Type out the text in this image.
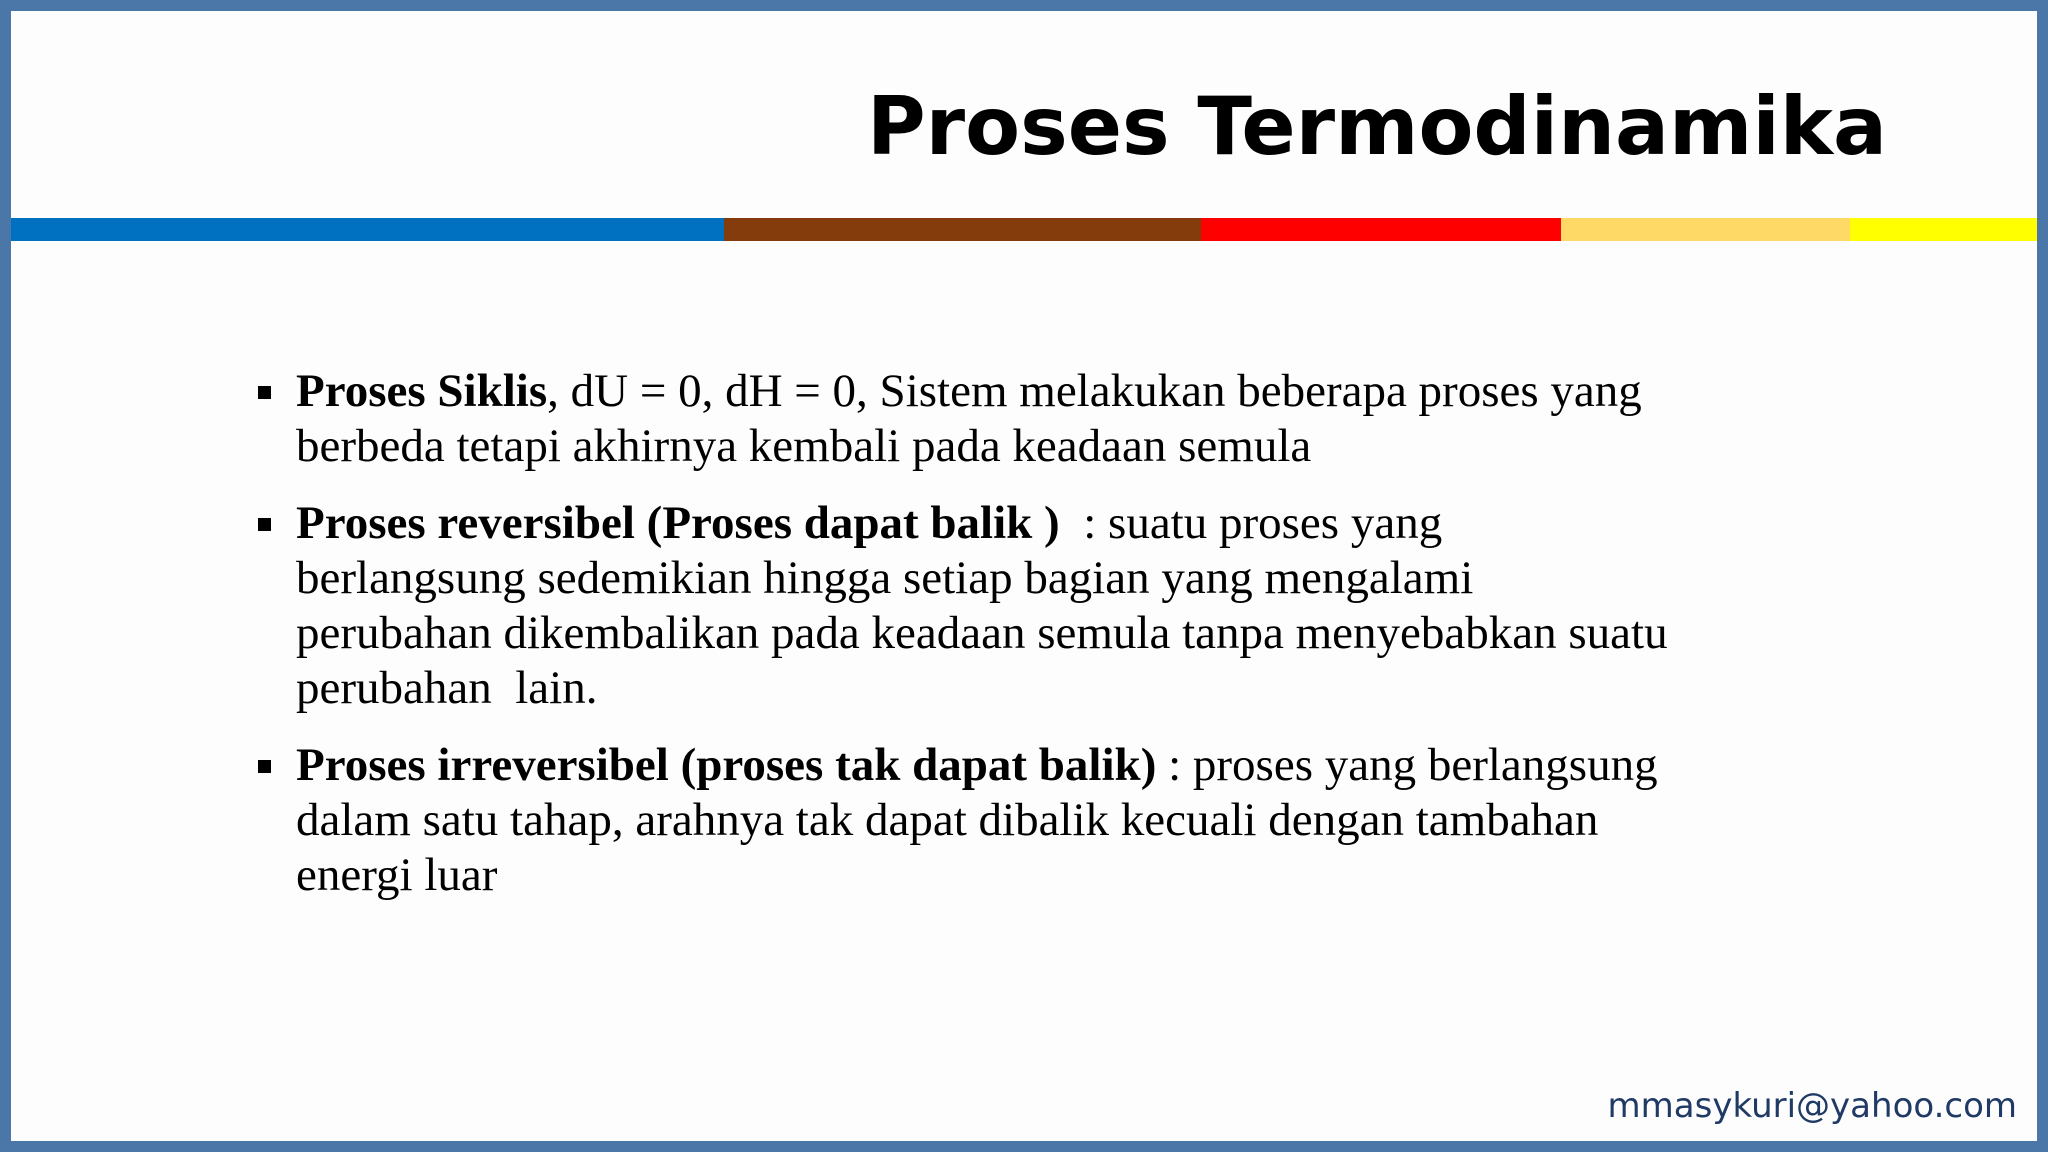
Proses Termodinamika
Proses Siklis, dU = 0, dH = 0, Sistem melakukan beberapa proses yang berbeda tetapi akhirnya kembali pada keadaan semula
Proses reversibel (Proses dapat balik )  : suatu proses yang berlangsung sedemikian hingga setiap bagian yang mengalami perubahan dikembalikan pada keadaan semula tanpa menyebabkan suatu perubahan  lain.
Proses irreversibel (proses tak dapat balik) : proses yang berlangsung dalam satu tahap, arahnya tak dapat dibalik kecuali dengan tambahan energi luar

mmasykuri@yahoo.com
